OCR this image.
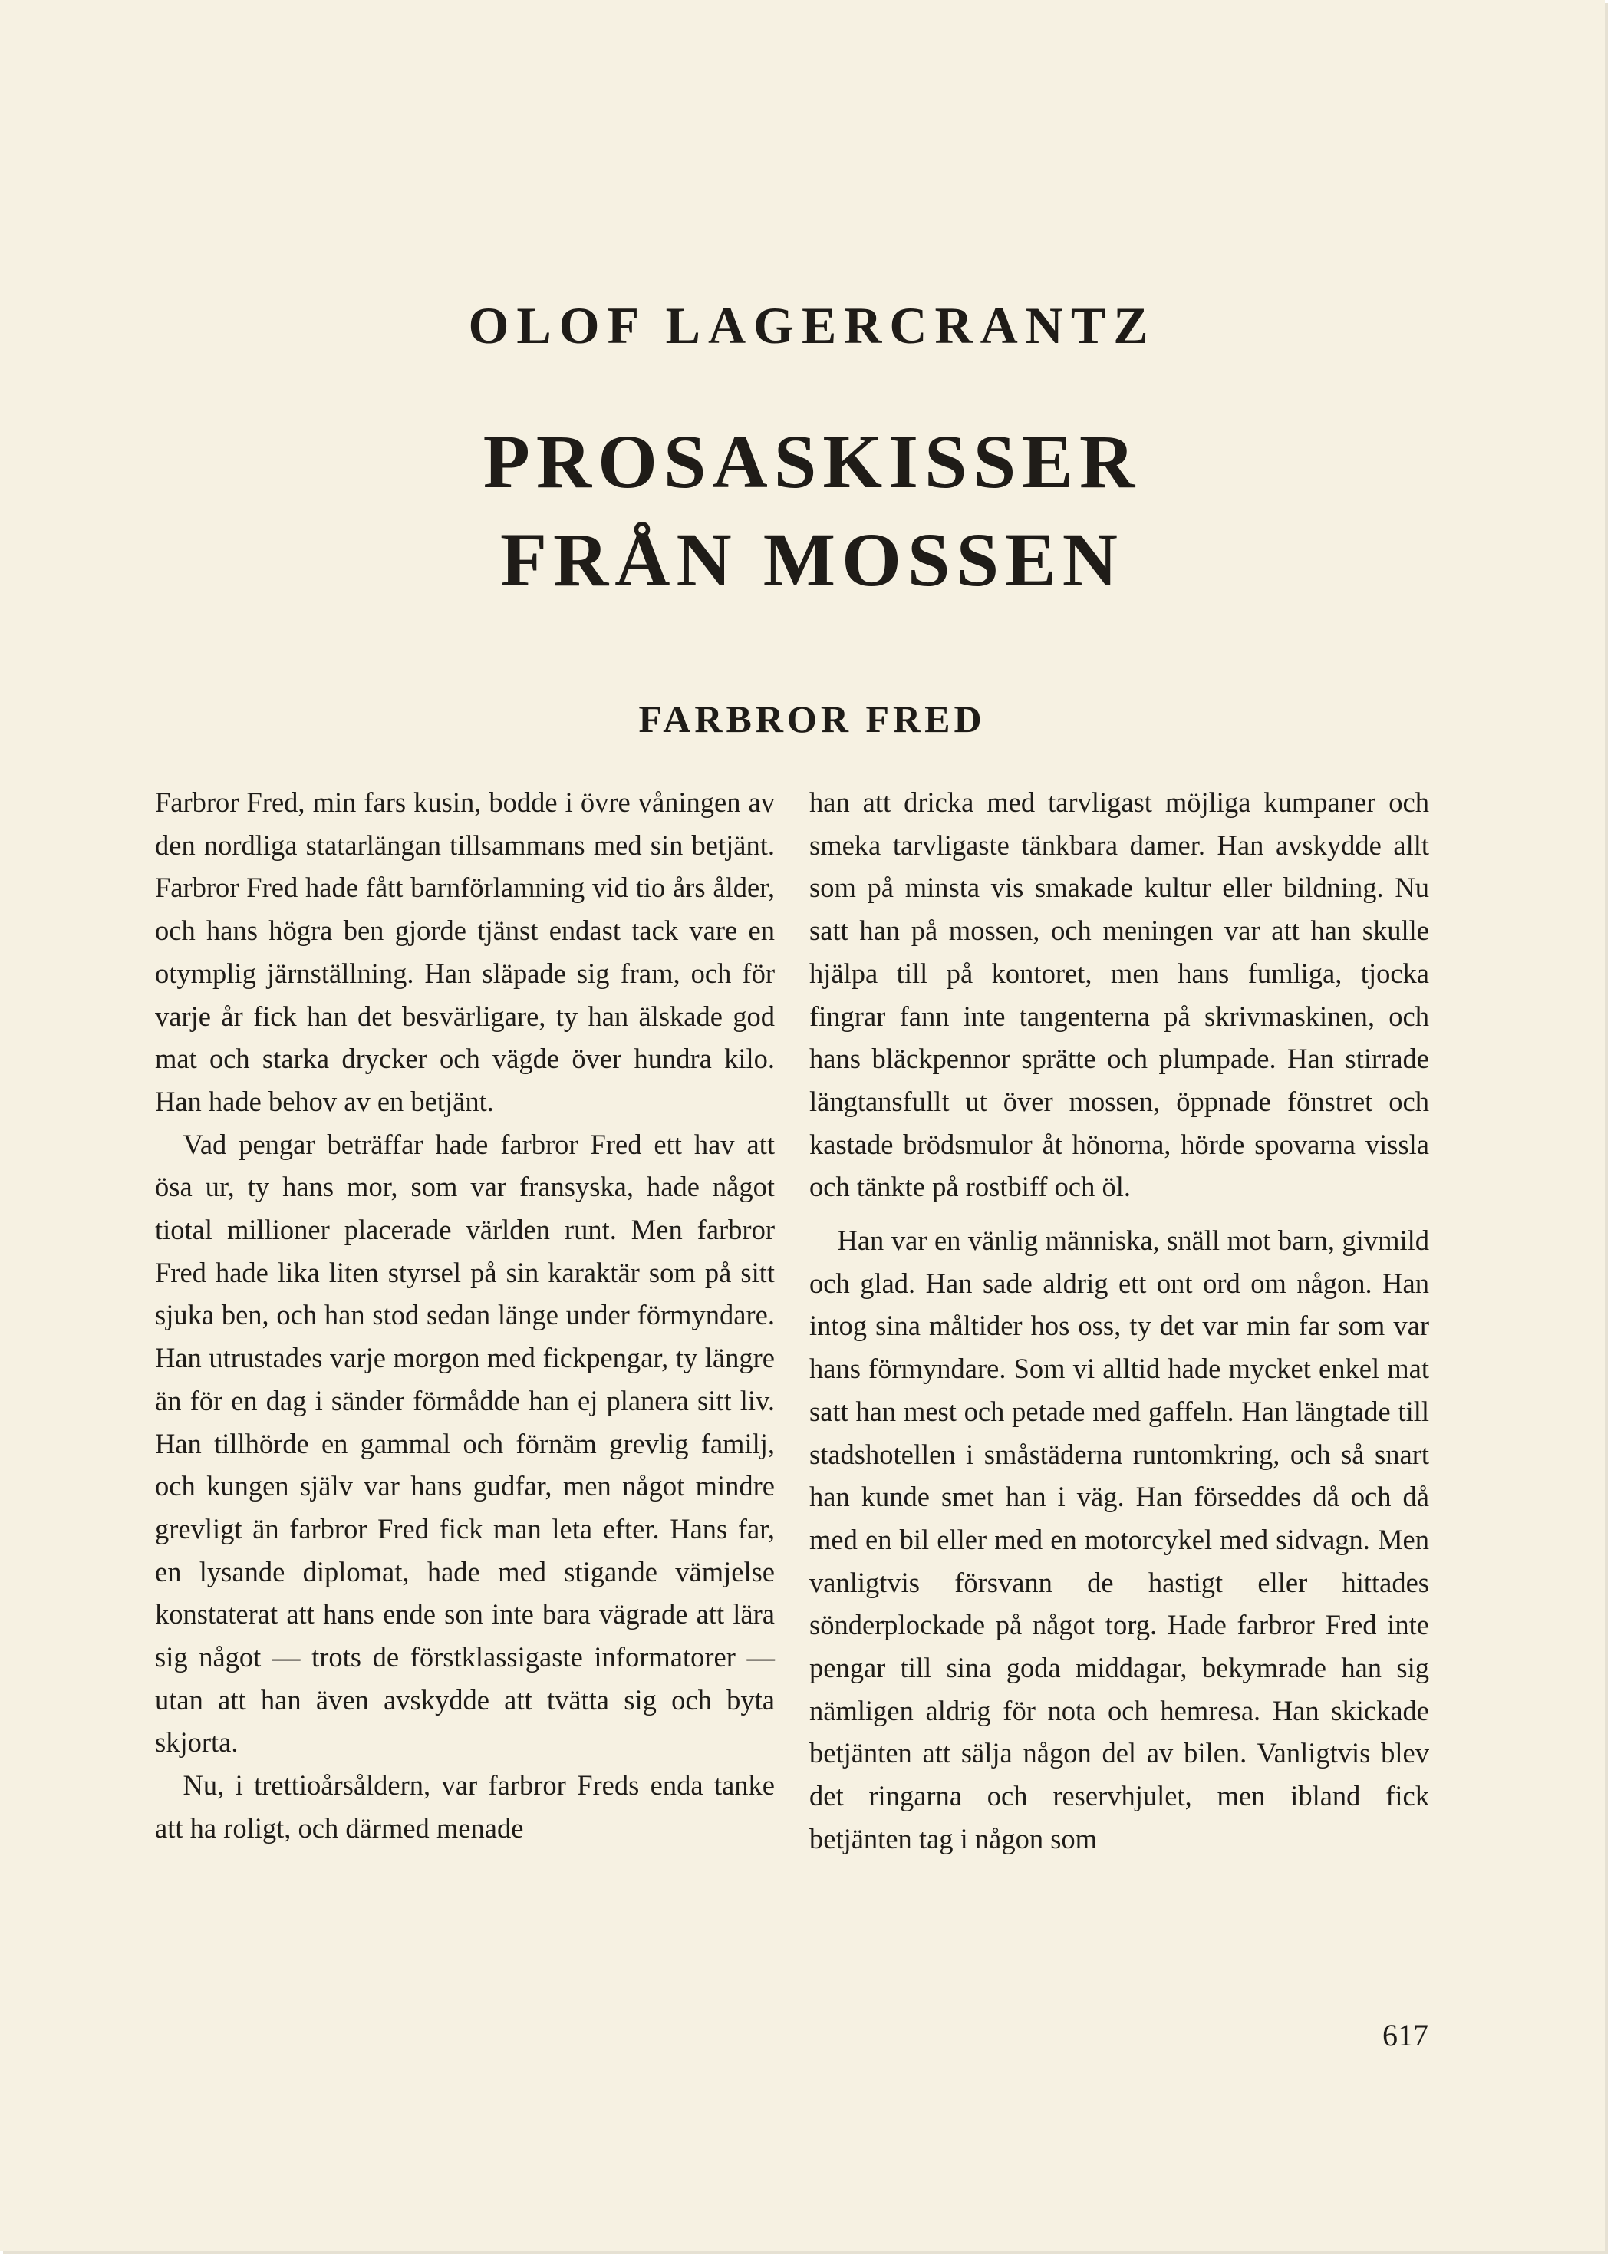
OLOF LAGERCRANTZ
PROSASKISSER
FRÅN MOSSEN
FARBROR FRED

Farbror Fred, min fars kusin, bodde i övre våningen av den nordliga statarlängan tillsammans med sin betjänt. Farbror Fred hade fått barnförlamning vid tio års ålder, och hans högra ben gjorde tjänst endast tack vare en otymplig järnställning. Han släpade sig fram, och för varje år fick han det besvärligare, ty han älskade god mat och starka drycker och vägde över hundra kilo. Han hade behov av en betjänt.

Vad pengar beträffar hade farbror Fred ett hav att ösa ur, ty hans mor, som var fransyska, hade något tiotal millioner placerade världen runt. Men farbror Fred hade lika liten styrsel på sin karaktär som på sitt sjuka ben, och han stod sedan länge under förmyndare. Han utrustades varje morgon med fickpengar, ty längre än för en dag i sänder förmådde han ej planera sitt liv. Han tillhörde en gammal och förnäm grevlig familj, och kungen själv var hans gudfar, men något mindre grevligt än farbror Fred fick man leta efter. Hans far, en lysande diplomat, hade med stigande vämjelse konstaterat att hans ende son inte bara vägrade att lära sig något — trots de förstklassigaste informatorer — utan att han även avskydde att tvätta sig och byta skjorta.

Nu, i trettioårsåldern, var farbror Freds enda tanke att ha roligt, och därmed menade

han att dricka med tarvligast möjliga kumpaner och smeka tarvligaste tänkbara damer. Han avskydde allt som på minsta vis smakade kultur eller bildning. Nu satt han på mossen, och meningen var att han skulle hjälpa till på kontoret, men hans fumliga, tjocka fingrar fann inte tangenterna på skrivmaskinen, och hans bläckpennor sprätte och plumpade. Han stirrade längtansfullt ut över mossen, öppnade fönstret och kastade brödsmulor åt hönorna, hörde spovarna vissla och tänkte på rostbiff och öl.

Han var en vänlig människa, snäll mot barn, givmild och glad. Han sade aldrig ett ont ord om någon. Han intog sina måltider hos oss, ty det var min far som var hans förmyndare. Som vi alltid hade mycket enkel mat satt han mest och petade med gaffeln. Han längtade till stadshotellen i småstäderna runtomkring, och så snart han kunde smet han i väg. Han förseddes då och då med en bil eller med en motorcykel med sidvagn. Men vanligtvis försvann de hastigt eller hittades sönderplockade på något torg. Hade farbror Fred inte pengar till sina goda middagar, bekymrade han sig nämligen aldrig för nota och hemresa. Han skickade betjänten att sälja någon del av bilen. Vanligtvis blev det ringarna och reservhjulet, men ibland fick betjänten tag i någon som

617
